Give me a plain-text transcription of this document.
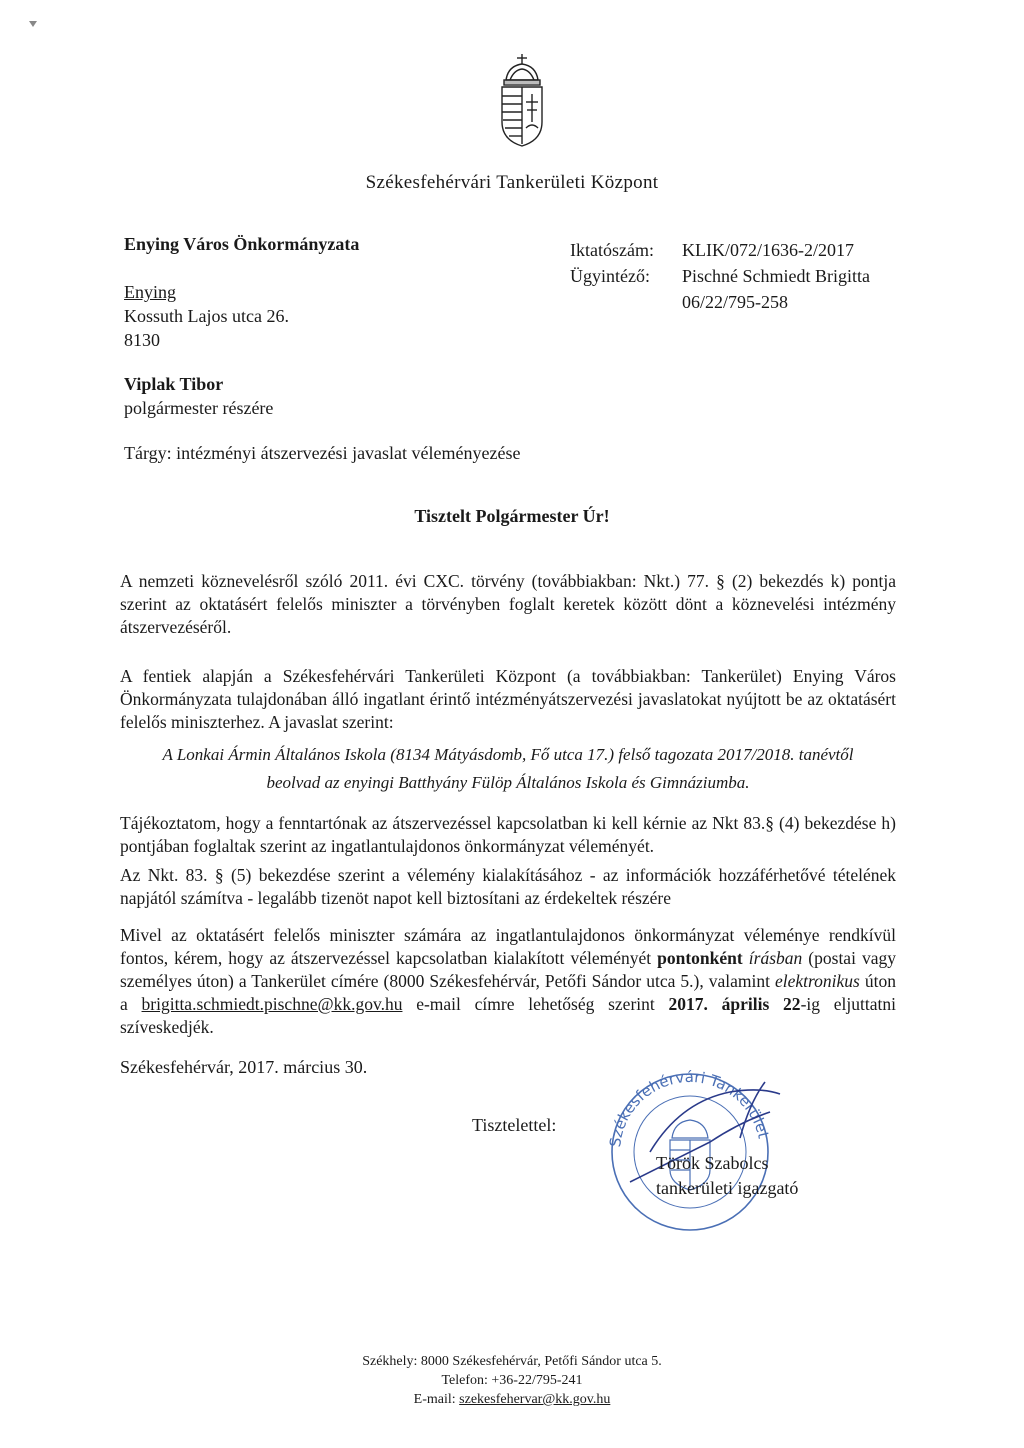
Székesfehérvári Tankerületi Központ
Enying Város Önkormányzata
Enying
Kossuth Lajos utca 26.
8130
Iktatószám:	KLIK/072/1636-2/2017
Ügyintéző:	Pischné Schmiedt Brigitta
	06/22/795-258
Viplak Tibor
polgármester részére
Tárgy: intézményi átszervezési javaslat véleményezése
Tisztelt Polgármester Úr!
A nemzeti köznevelésről szóló 2011. évi CXC. törvény (továbbiakban: Nkt.) 77. § (2) bekezdés k) pontja szerint az oktatásért felelős miniszter a törvényben foglalt keretek között dönt a köznevelési intézmény átszervezéséről.
A fentiek alapján a Székesfehérvári Tankerületi Központ (a továbbiakban: Tankerület) Enying Város Önkormányzata tulajdonában álló ingatlant érintő intézményátszervezési javaslatokat nyújtott be az oktatásért felelős miniszterhez. A javaslat szerint:
A Lonkai Ármin Általános Iskola (8134 Mátyásdomb, Fő utca 17.) felső tagozata 2017/2018. tanévtől
beolvad az enyingi Batthyány Fülöp Általános Iskola és Gimnáziumba.
Tájékoztatom, hogy a fenntartónak az átszervezéssel kapcsolatban ki kell kérnie az Nkt 83.§ (4) bekezdése h) pontjában foglaltak szerint az ingatlantulajdonos önkormányzat véleményét.
Az Nkt. 83. § (5) bekezdése szerint a vélemény kialakításához - az információk hozzáférhetővé tételének napjától számítva - legalább tizenöt napot kell biztosítani az érdekeltek részére
Mivel az oktatásért felelős miniszter számára az ingatlantulajdonos önkormányzat véleménye rendkívül fontos, kérem, hogy az átszervezéssel kapcsolatban kialakított véleményét pontonként írásban (postai vagy személyes úton) a Tankerület címére (8000 Székesfehérvár, Petőfi Sándor utca 5.), valamint elektronikus úton a brigitta.schmiedt.pischne@kk.gov.hu e-mail címre lehetőség szerint 2017. április 22-ig eljuttatni szíveskedjék.
Székesfehérvár, 2017. március 30.
Tisztelettel:
Székesfehérvári Tankerület
Török Szabolcs
tankerületi igazgató
Székhely: 8000 Székesfehérvár, Petőfi Sándor utca 5.
Telefon: +36-22/795-241
E-mail: szekesfehervar@kk.gov.hu
